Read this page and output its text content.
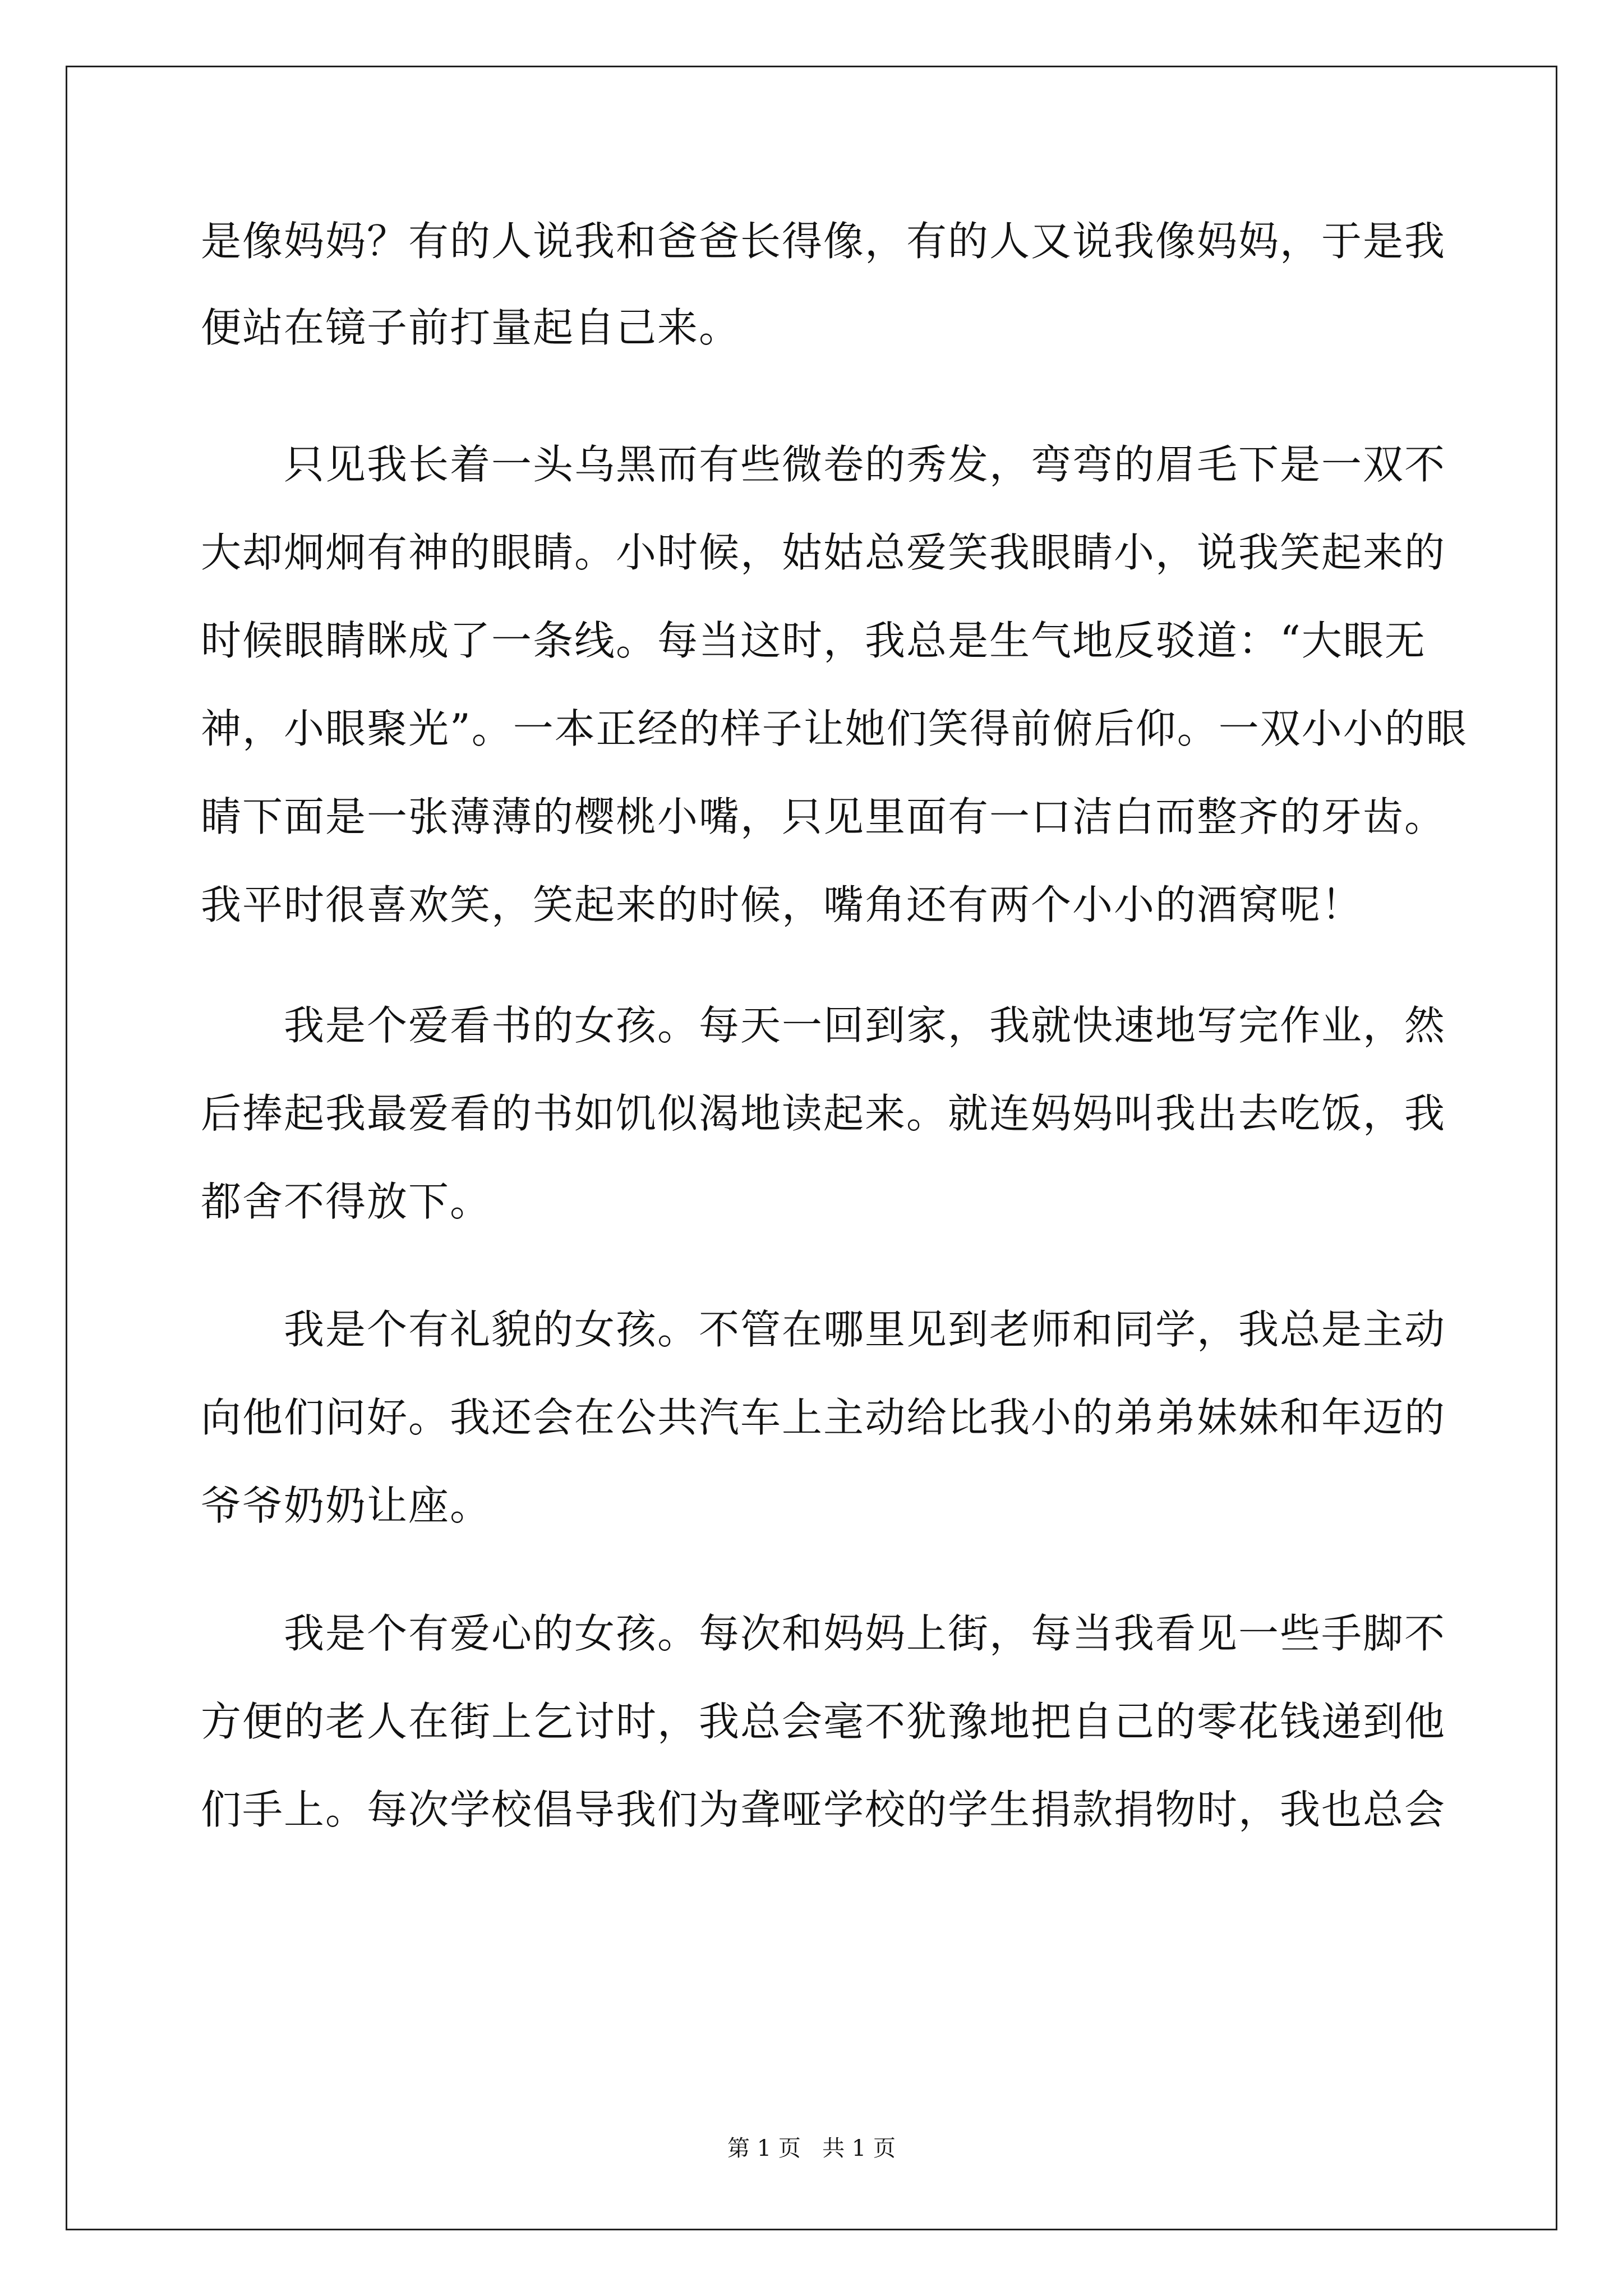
是像妈妈？有的人说我和爸爸长得像，有的人又说我像妈妈，于是我
便站在镜子前打量起自己来。
只见我长着一头乌黑而有些微卷的秀发，弯弯的眉毛下是一双不
大却炯炯有神的眼睛。小时候，姑姑总爱笑我眼睛小，说我笑起来的
时候眼睛眯成了一条线。每当这时，我总是生气地反驳道：“大眼无
神，小眼聚光”。一本正经的样子让她们笑得前俯后仰。一双小小的眼
睛下面是一张薄薄的樱桃小嘴，只见里面有一口洁白而整齐的牙齿。
我平时很喜欢笑，笑起来的时候，嘴角还有两个小小的酒窝呢！
我是个爱看书的女孩。每天一回到家，我就快速地写完作业，然
后捧起我最爱看的书如饥似渴地读起来。就连妈妈叫我出去吃饭，我
都舍不得放下。
我是个有礼貌的女孩。不管在哪里见到老师和同学，我总是主动
向他们问好。我还会在公共汽车上主动给比我小的弟弟妹妹和年迈的
爷爷奶奶让座。
我是个有爱心的女孩。每次和妈妈上街，每当我看见一些手脚不
方便的老人在街上乞讨时，我总会毫不犹豫地把自己的零花钱递到他
们手上。每次学校倡导我们为聋哑学校的学生捐款捐物时，我也总会
第 1 页   共 1 页
